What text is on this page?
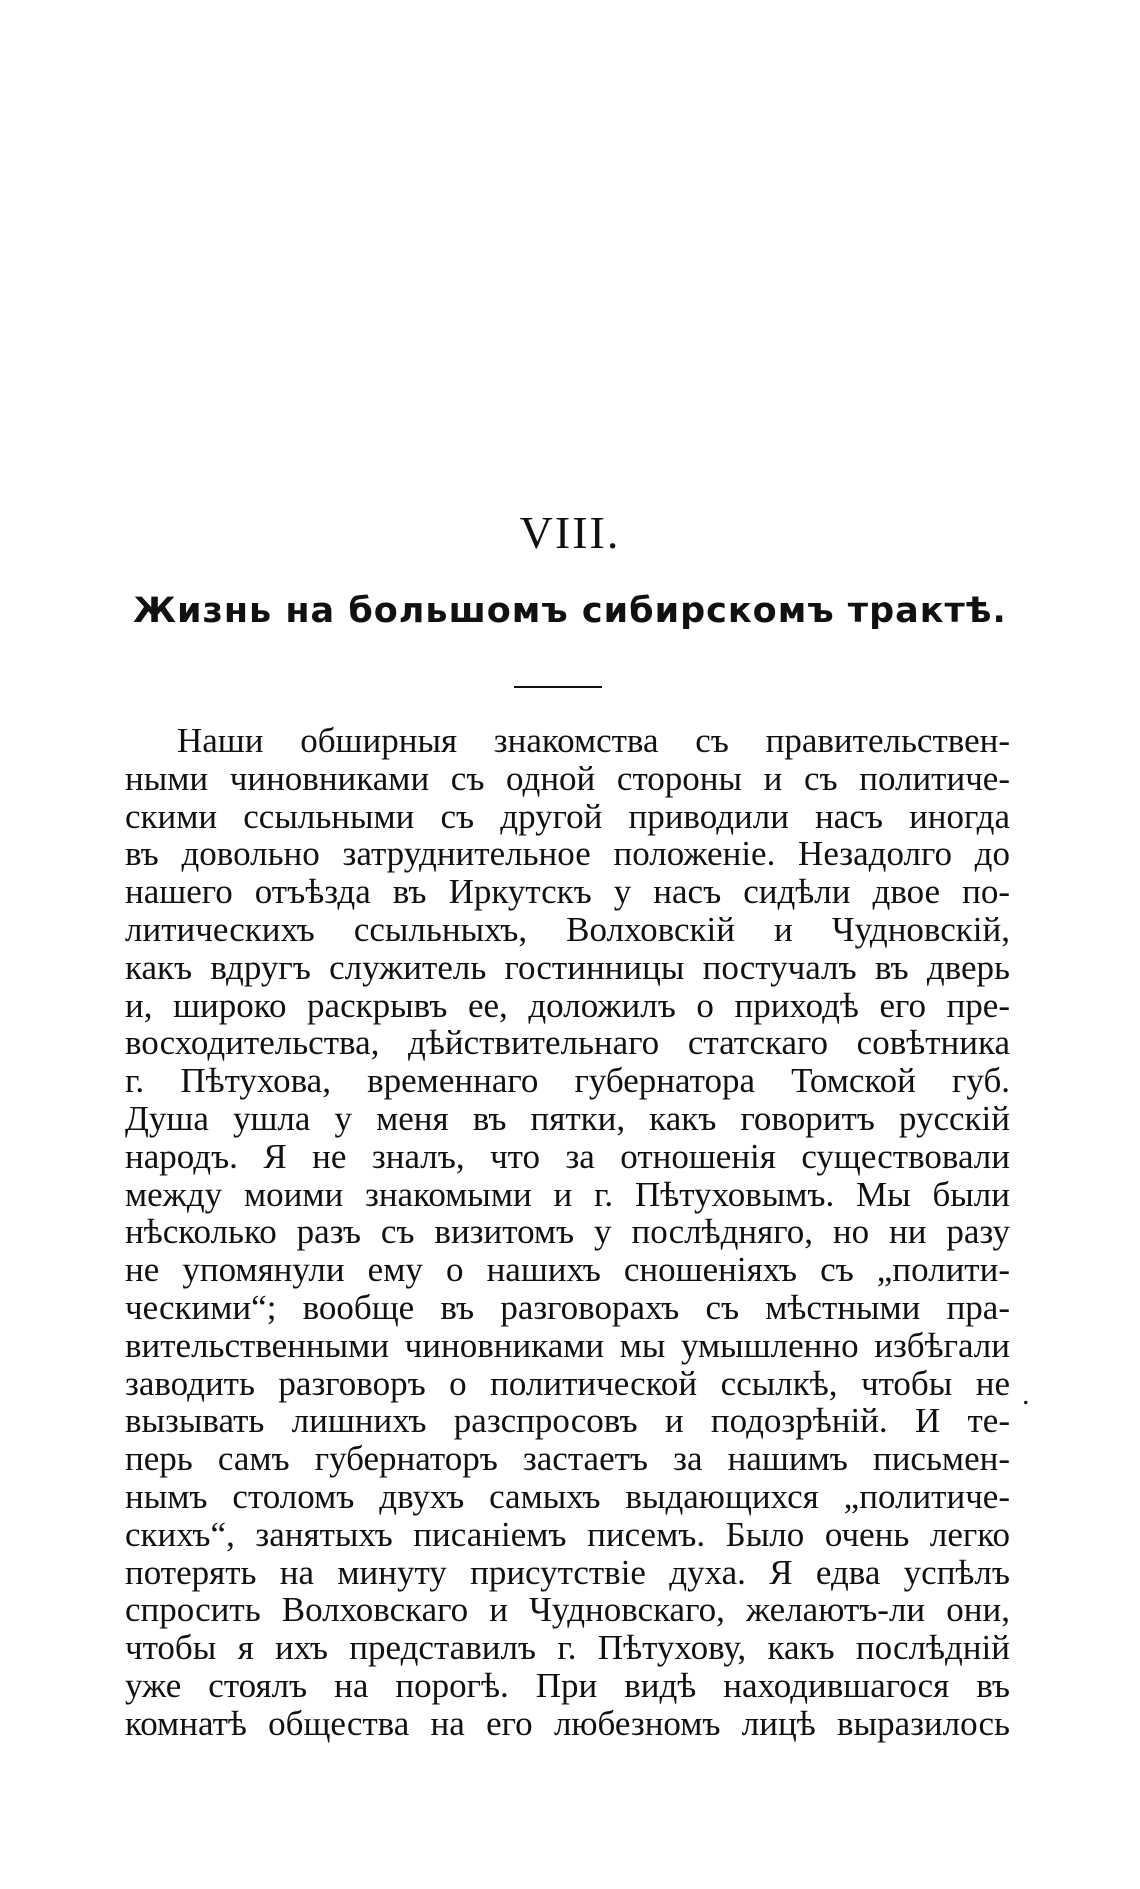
VIII.
Жизнь на большомъ сибирскомъ трактѣ.
Наши обширныя знакомства съ правительствен-
ными чиновниками съ одной стороны и съ политиче-
скими ссыльными съ другой приводили насъ иногда
въ довольно затруднительное положеніе. Незадолго до
нашего отъѣзда въ Иркутскъ у насъ сидѣли двое по-
литическихъ ссыльныхъ, Волховскій и Чудновскій,
какъ вдругъ служитель гостинницы постучалъ въ дверь
и, широко раскрывъ ее, доложилъ о приходѣ его пре-
восходительства, дѣйствительнаго статскаго совѣтника
г. Пѣтухова, временнаго губернатора Томской губ.
Душа ушла у меня въ пятки, какъ говоритъ русскій
народъ. Я не зналъ, что за отношенія существовали
между моими знакомыми и г. Пѣтуховымъ. Мы были
нѣсколько разъ съ визитомъ у послѣдняго, но ни разу
не упомянули ему о нашихъ сношеніяхъ съ „полити-
ческими“; вообще въ разговорахъ съ мѣстными пра-
вительственными чиновниками мы умышленно избѣгали
заводить разговоръ о политической ссылкѣ, чтобы не
вызывать лишнихъ разспросовъ и подозрѣній. И те-
перь самъ губернаторъ застаетъ за нашимъ письмен-
нымъ столомъ двухъ самыхъ выдающихся „политиче-
скихъ“, занятыхъ писаніемъ писемъ. Было очень легко
потерять на минуту присутствіе духа. Я едва успѣлъ
спросить Волховскаго и Чудновскаго, желаютъ-ли они,
чтобы я ихъ представилъ г. Пѣтухову, какъ послѣдній
уже стоялъ на порогѣ. При видѣ находившагося въ
комнатѣ общества на его любезномъ лицѣ выразилось
.
